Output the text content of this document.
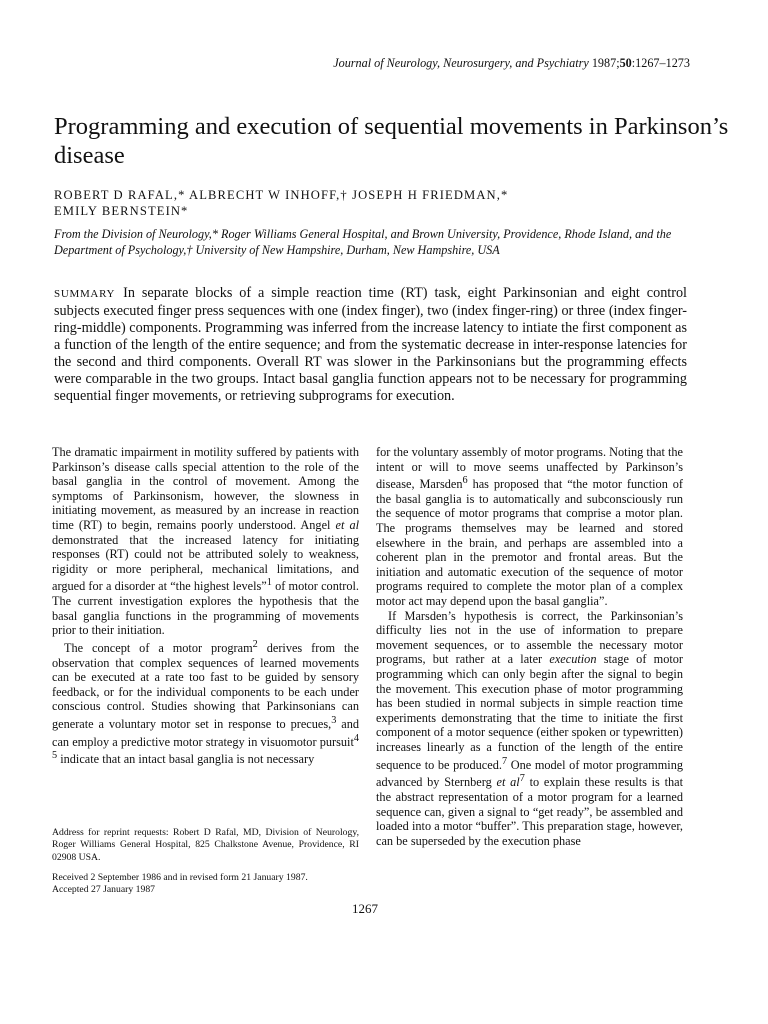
Journal of Neurology, Neurosurgery, and Psychiatry 1987;50:1267–1273
Programming and execution of sequential movements in Parkinson’s disease
ROBERT D RAFAL,* ALBRECHT W INHOFF,† JOSEPH H FRIEDMAN,*
EMILY BERNSTEIN*
From the Division of Neurology,* Roger Williams General Hospital, and Brown University, Providence, Rhode Island, and the Department of Psychology,† University of New Hampshire, Durham, New Hampshire, USA
SUMMARY In separate blocks of a simple reaction time (RT) task, eight Parkinsonian and eight control subjects executed finger press sequences with one (index finger), two (index finger-ring) or three (index finger-ring-middle) components. Programming was inferred from the increase latency to intiate the first component as a function of the length of the entire sequence; and from the systematic decrease in inter-response latencies for the second and third components. Overall RT was slower in the Parkinsonians but the programming effects were comparable in the two groups. Intact basal ganglia function appears not to be necessary for programming sequential finger movements, or retrieving subprograms for execution.

The dramatic impairment in motility suffered by patients with Parkinson’s disease calls special attention to the role of the basal ganglia in the control of movement. Among the symptoms of Parkinsonism, however, the slowness in initiating movement, as measured by an increase in reaction time (RT) to begin, remains poorly understood. Angel et al demonstrated that the increased latency for initiating responses (RT) could not be attributed solely to weakness, rigidity or more peripheral, mechanical limitations, and argued for a disorder at “the highest levels”$^1$ of motor control. The current investigation explores the hypothesis that the basal ganglia functions in the programming of movements prior to their initiation.

The concept of a motor program$^2$ derives from the observation that complex sequences of learned movements can be executed at a rate too fast to be guided by sensory feedback, or for the individual components to be each under conscious control. Studies showing that Parkinsonians can generate a voluntary motor set in response to precues,$^3$ and can employ a predictive motor strategy in visuomotor pursuit$^{4 5}$ indicate that an intact basal ganglia is not necessary

for the voluntary assembly of motor programs. Noting that the intent or will to move seems unaffected by Parkinson’s disease, Marsden$^6$ has proposed that “the motor function of the basal ganglia is to automatically and subconsciously run the sequence of motor programs that comprise a motor plan. The programs themselves may be learned and stored elsewhere in the brain, and perhaps are assembled into a coherent plan in the premotor and frontal areas. But the initiation and automatic execution of the sequence of motor programs required to complete the motor plan of a complex motor act may depend upon the basal ganglia”.

If Marsden’s hypothesis is correct, the Parkinsonian’s difficulty lies not in the use of information to prepare movement sequences, or to assemble the necessary motor programs, but rather at a later execution stage of motor programming which can only begin after the signal to begin the movement. This execution phase of motor programming has been studied in normal subjects in simple reaction time experiments demonstrating that the time to initiate the first component of a motor sequence (either spoken or typewritten) increases linearly as a function of the length of the entire sequence to be produced.$^7$ One model of motor programming advanced by Sternberg et $al^7$ to explain these results is that the abstract representation of a motor program for a learned sequence can, given a signal to “get ready”, be assembled and loaded into a motor “buffer”. This preparation stage, however, can be superseded by the execution phase

Address for reprint requests: Robert D Rafal, MD, Division of Neurology, Roger Williams General Hospital, 825 Chalkstone Avenue, Providence, RI 02908 USA.

Received 2 September 1986 and in revised form 21 January 1987.
Accepted 27 January 1987

1267
